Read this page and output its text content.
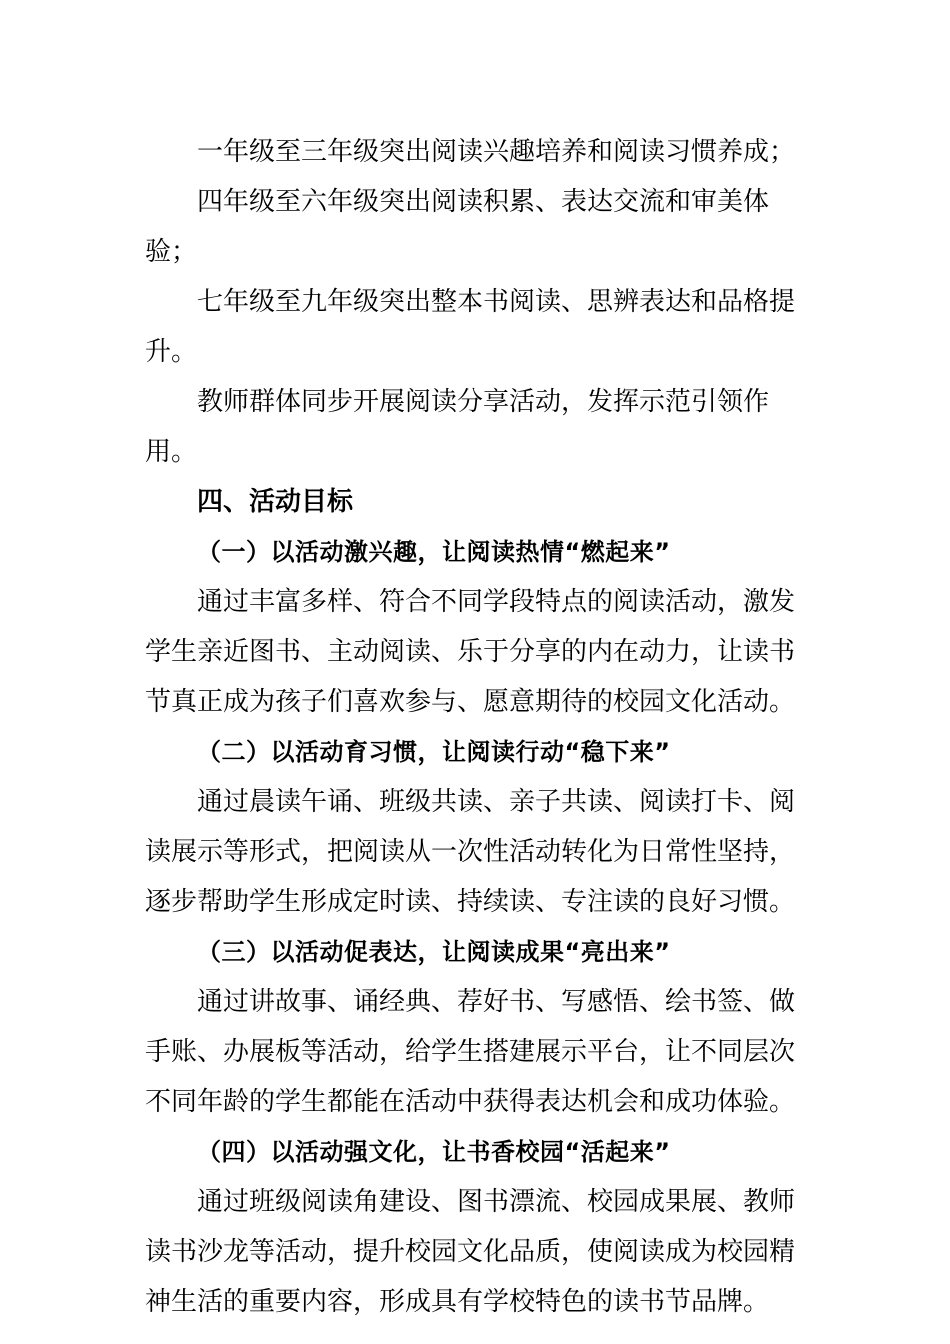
一年级至三年级突出阅读兴趣培养和阅读习惯养成；

四年级至六年级突出阅读积累、表达交流和审美体验；

七年级至九年级突出整本书阅读、思辨表达和品格提升。

教师群体同步开展阅读分享活动，发挥示范引领作用。

四、活动目标

（一）以活动激兴趣，让阅读热情“燃起来”

通过丰富多样、符合不同学段特点的阅读活动，激发学生亲近图书、主动阅读、乐于分享的内在动力，让读书节真正成为孩子们喜欢参与、愿意期待的校园文化活动。

（二）以活动育习惯，让阅读行动“稳下来”

通过晨读午诵、班级共读、亲子共读、阅读打卡、阅读展示等形式，把阅读从一次性活动转化为日常性坚持，逐步帮助学生形成定时读、持续读、专注读的良好习惯。

（三）以活动促表达，让阅读成果“亮出来”

通过讲故事、诵经典、荐好书、写感悟、绘书签、做手账、办展板等活动，给学生搭建展示平台，让不同层次不同年龄的学生都能在活动中获得表达机会和成功体验。

（四）以活动强文化，让书香校园“活起来”

通过班级阅读角建设、图书漂流、校园成果展、教师读书沙龙等活动，提升校园文化品质，使阅读成为校园精神生活的重要内容，形成具有学校特色的读书节品牌。
